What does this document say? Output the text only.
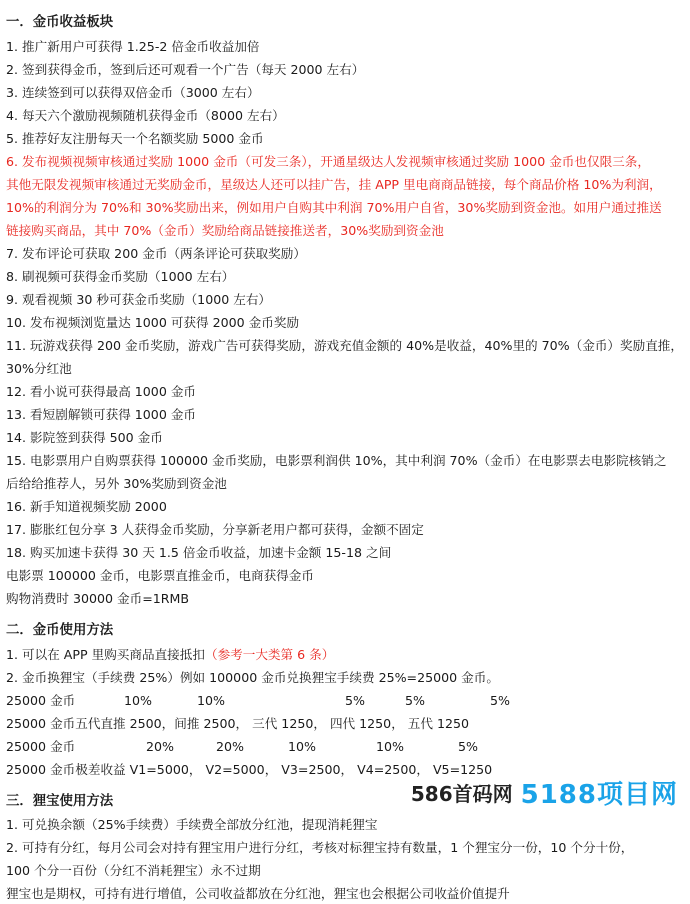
一．金币收益板块
1. 推广新用户可获得 1.25-2 倍金币收益加倍
2. 签到获得金币，签到后还可观看一个广告（每天 2000 左右）
3. 连续签到可以获得双倍金币（3000 左右）
4. 每天六个激励视频随机获得金币（8000 左右）
5. 推荐好友注册每天一个名额奖励 5000 金币
6. 发布视频视频审核通过奖励 1000 金币（可发三条），开通星级达人发视频审核通过奖励 1000 金币也仅限三条，
其他无限发视频审核通过无奖励金币，星级达人还可以挂广告，挂 APP 里电商商品链接，每个商品价格 10%为利润，
10%的利润分为 70%和 30%奖励出来，例如用户自购其中利润 70%用户自省，30%奖励到资金池。如用户通过推送
链接购买商品，其中 70%（金币）奖励给商品链接推送者，30%奖励到资金池
7. 发布评论可获取 200 金币（两条评论可获取奖励）
8. 刷视频可获得金币奖励（1000 左右）
9. 观看视频 30 秒可获金币奖励（1000 左右）
10. 发布视频浏览量达 1000 可获得 2000 金币奖励
11. 玩游戏获得 200 金币奖励，游戏广告可获得奖励，游戏充值金额的 40%是收益，40%里的 70%（金币）奖励直推，
30%分红池
12. 看小说可获得最高 1000 金币
13. 看短剧解锁可获得 1000 金币
14. 影院签到获得 500 金币
15. 电影票用户自购票获得 100000 金币奖励，电影票利润供 10%，其中利润 70%（金币）在电影票去电影院核销之
后给给推荐人，另外 30%奖励到资金池
16. 新手知道视频奖励 2000
17. 膨胀红包分享 3 人获得金币奖励，分享新老用户都可获得，金额不固定
18. 购买加速卡获得 30 天 1.5 倍金币收益，加速卡金额 15-18 之间
电影票 100000 金币，电影票直推金币，电商获得金币
购物消费时 30000 金币=1RMB
二．金币使用方法
1. 可以在 APP 里购买商品直接抵扣（参考一大类第 6 条）
2. 金币换狸宝（手续费 25%）例如 100000 金币兑换狸宝手续费 25%=25000 金币。
25000 金币	10%	10%	5%	5%	5%
25000 金币五代直推 2500，间推 2500， 三代 1250， 四代 1250， 五代 1250
25000 金币	20%	20%	10%	10%	5%
25000 金币极差收益 V1=5000， V2=5000， V3=2500， V4=2500， V5=1250
三．狸宝使用方法
1. 可兑换余额（25%手续费）手续费全部放分红池，提现消耗狸宝
2. 可持有分红，每月公司会对持有狸宝用户进行分红，考核对标狸宝持有数量，1 个狸宝分一份，10 个分十份，
100 个分一百份（分红不消耗狸宝）永不过期
狸宝也是期权，可持有进行增值，公司收益都放在分红池，狸宝也会根据公司收益价值提升
586首码网 5188项目网
